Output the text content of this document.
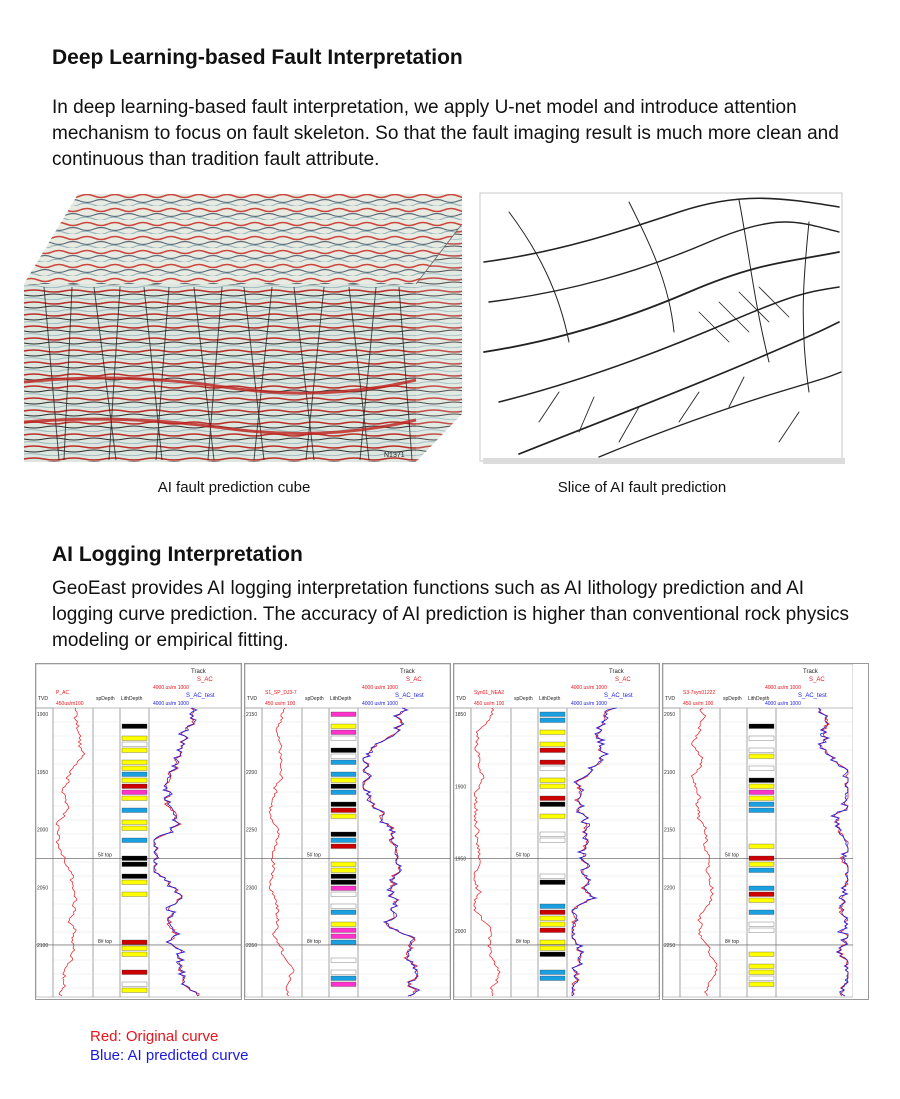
Deep Learning-based Fault Interpretation

In deep learning-based fault interpretation, we apply U-net model and introduce attention mechanism to focus on fault skeleton. So that the fault imaging result is much more clean and continuous than tradition fault attribute.

N1371
AI fault prediction cube	Slice of AI fault prediction
AI Logging Interpretation

GeoEast provides AI logging interpretation functions such as AI lithology prediction and AI logging curve prediction. The accuracy of AI prediction is higher than conventional rock physics modeling or empirical fitting.

Track
S_AC
4000 us/m 1000
S_AC_test
4000 us/m 1000
TVD
P_AC
450us/m100
spDepth LithDepth
1900
1950
2000
2050
2100
5# top
8# top
Track
S_AC
4000 us/m 1000
S_AC_test
4000 us/m 1000
TVD
S1_SP_DJ3-7
450 us/m 100
spDepth LithDepth
2150
2200
2250
2300
2350
5# top
8# top
Track
S_AC
4000 us/m 1000
S_AC_test
4000 us/m 1000
TVD
Syn01_NEA2
450 us/m 100
spDepth LithDepth
1850
1900
1950
2000
5# top
8# top
Track
S_AC
4000 us/m 1000
S_AC_test
4000 us/m 1000
TVD
S3-7syn01222
450 us/m 100
spDepth LithDepth
2050
2100
2150
2200
2250
5# top
8# top
Red: Original curve
Blue: AI predicted curve
